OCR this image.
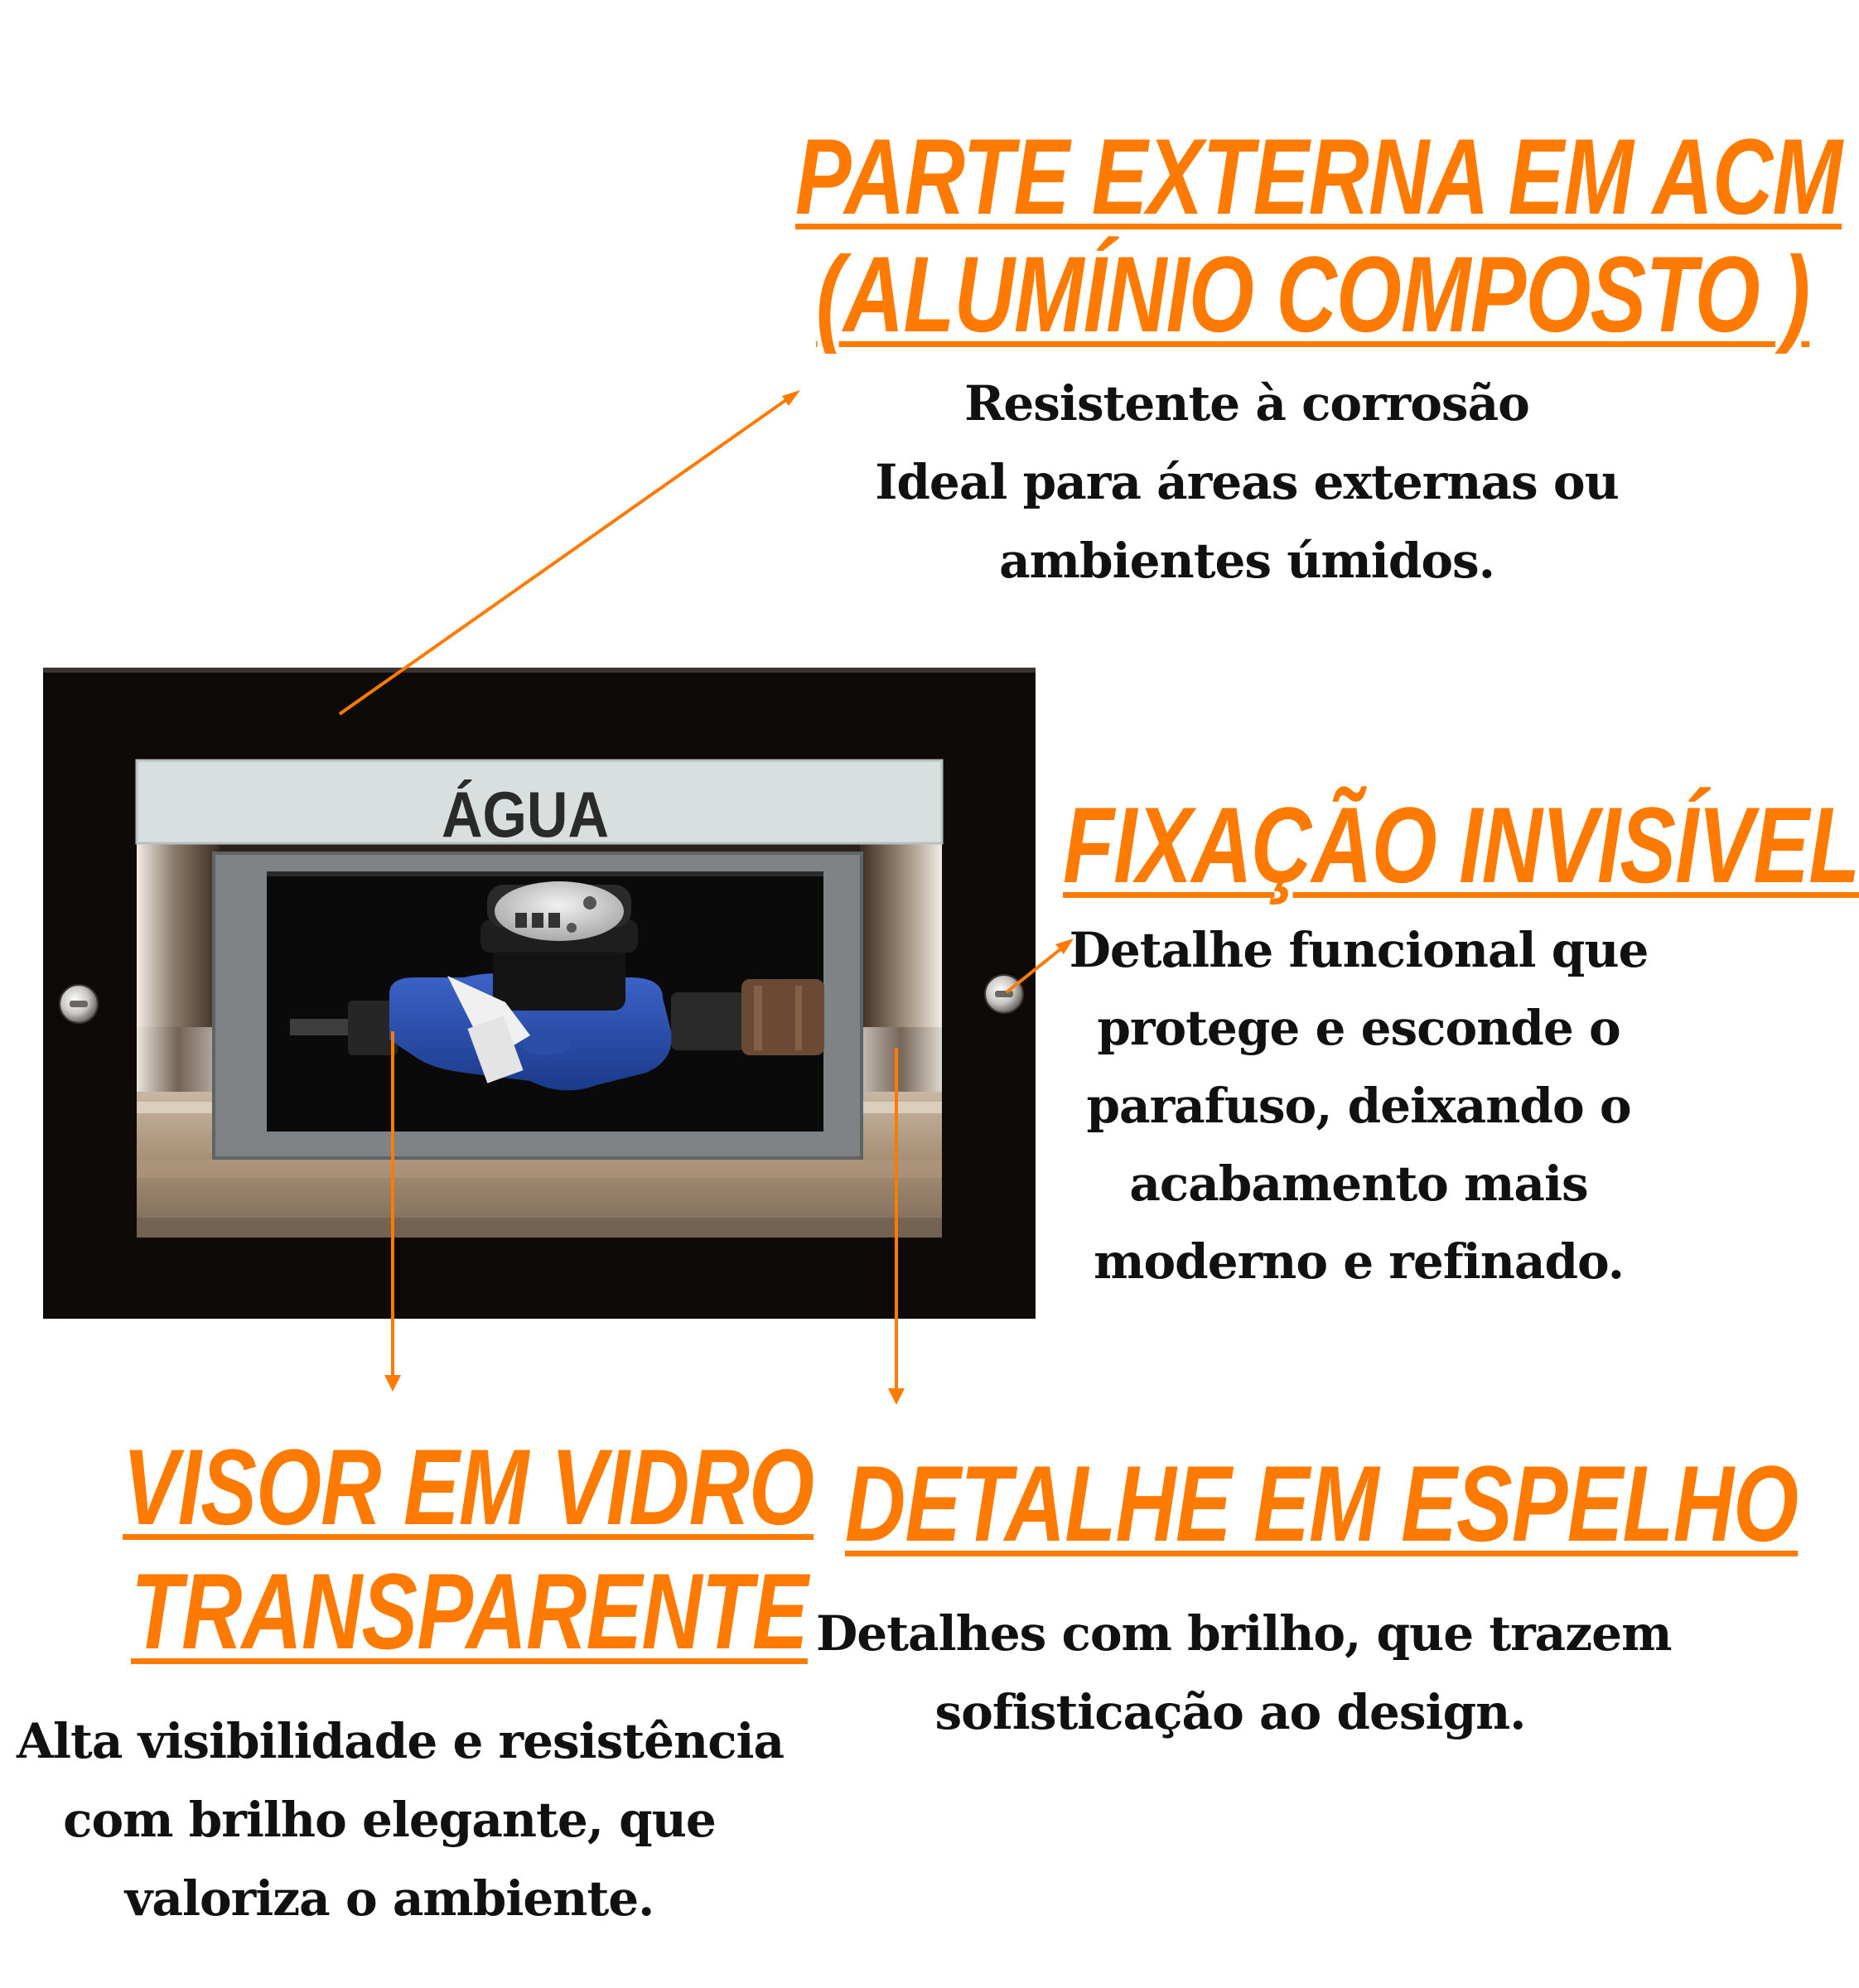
ÁGUA
PARTE EXTERNA EM ACM
(ALUMÍNIO COMPOSTO )
Resistente à corrosão
Ideal para áreas externas ou
ambientes úmidos.
FIXAÇÃO INVISÍVEL
Detalhe funcional que
protege e esconde o
parafuso, deixando o
acabamento mais
moderno e refinado.
VISOR EM VIDRO
TRANSPARENTE
Alta visibilidade e resistência
com brilho elegante, que
valoriza o ambiente.
DETALHE EM ESPELHO
Detalhes com brilho, que trazem
sofisticação ao design.
